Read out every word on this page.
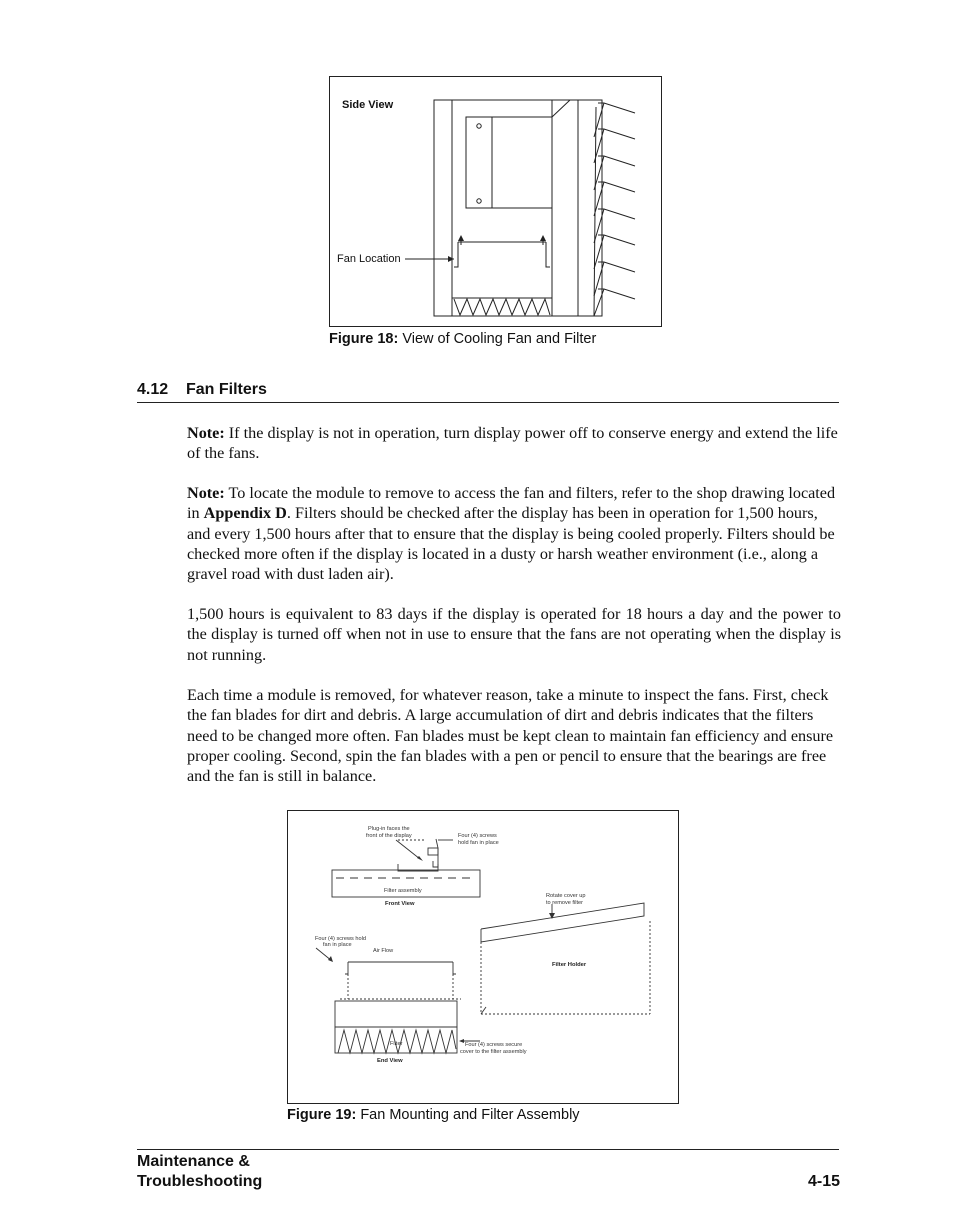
Side View
Fan Location
Figure 18: View of Cooling Fan and Filter
4.12 Fan Filters
Note: If the display is not in operation, turn display power off to conserve energy and extend the life of the fans.
Note: To locate the module to remove to access the fan and filters, refer to the shop drawing located in Appendix D. Filters should be checked after the display has been in operation for 1,500 hours, and every 1,500 hours after that to ensure that the display is being cooled properly. Filters should be checked more often if the display is located in a dusty or harsh weather environment (i.e., along a gravel road with dust laden air).
1,500 hours is equivalent to 83 days if the display is operated for 18 hours a day and the power to the display is turned off when not in use to ensure that the fans are not operating when the display is not running.
Each time a module is removed, for whatever reason, take a minute to inspect the fans. First, check the fan blades for dirt and debris. A large accumulation of dirt and debris indicates that the filters need to be changed more often. Fan blades must be kept clean to maintain fan efficiency and ensure proper cooling. Second, spin the fan blades with a pen or pencil to ensure that the bearings are free and the fan is still in balance.
Plug-in faces the
front of the display	Four (4) screws
hold fan in place
Filter assembly
Rotate cover up
to remove filter
Four (4) screws hold
fan in place
Air Flow
Filter	Four (4) screws secure
cover to the filter assembly
Front View
Filter Holder
End View
Figure 19: Fan Mounting and Filter Assembly
Maintenance &
Troubleshooting	4-15
